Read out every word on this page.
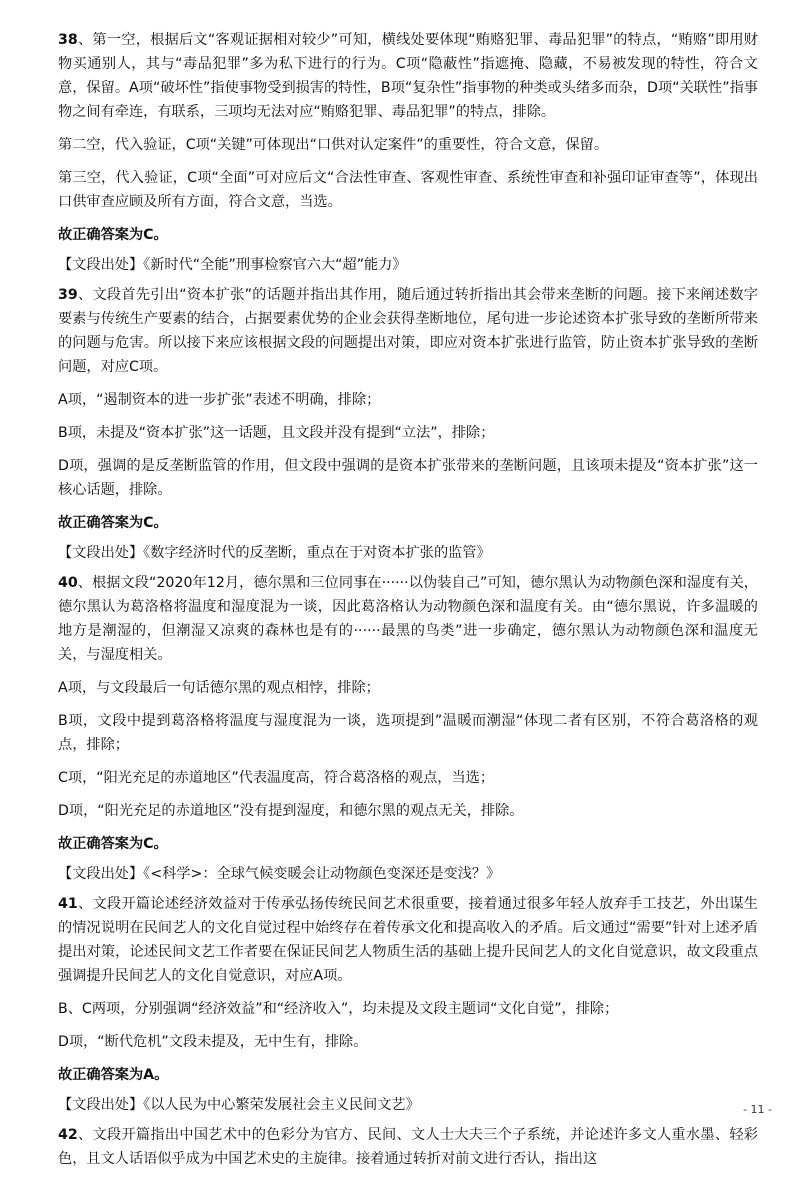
38、第一空，根据后文“客观证据相对较少”可知，横线处要体现“贿赂犯罪、毒品犯罪”的特点，“贿赂”即用财物买通别人，其与“毒品犯罪”多为私下进行的行为。C项“隐蔽性”指遮掩、隐藏，不易被发现的特性，符合文意，保留。A项“破坏性”指使事物受到损害的特性，B项“复杂性”指事物的种类或头绪多而杂，D项“关联性”指事物之间有牵连，有联系，三项均无法对应“贿赂犯罪、毒品犯罪”的特点，排除。

第二空，代入验证，C项“关键”可体现出“口供对认定案件”的重要性，符合文意，保留。

第三空，代入验证，C项“全面”可对应后文“合法性审查、客观性审查、系统性审查和补强印证审查等”，体现出口供审查应顾及所有方面，符合文意，当选。

故正确答案为C。

【文段出处】《新时代“全能”刑事检察官六大“超”能力》

39、文段首先引出“资本扩张”的话题并指出其作用，随后通过转折指出其会带来垄断的问题。接下来阐述数字要素与传统生产要素的结合，占据要素优势的企业会获得垄断地位，尾句进一步论述资本扩张导致的垄断所带来的问题与危害。所以接下来应该根据文段的问题提出对策，即应对资本扩张进行监管，防止资本扩张导致的垄断问题，对应C项。

A项，“遏制资本的进一步扩张”表述不明确，排除；

B项，未提及“资本扩张”这一话题，且文段并没有提到“立法”，排除；

D项，强调的是反垄断监管的作用，但文段中强调的是资本扩张带来的垄断问题，且该项未提及“资本扩张”这一核心话题，排除。

故正确答案为C。

【文段出处】《数字经济时代的反垄断，重点在于对资本扩张的监管》

40、根据文段“2020年12月，德尔黑和三位同事在······以伪装自己”可知，德尔黑认为动物颜色深和湿度有关，德尔黑认为葛洛格将温度和湿度混为一谈，因此葛洛格认为动物颜色深和温度有关。由“德尔黑说，许多温暖的地方是潮湿的，但潮湿又凉爽的森林也是有的······最黑的鸟类”进一步确定，德尔黑认为动物颜色深和温度无关，与湿度相关。

A项，与文段最后一句话德尔黑的观点相悖，排除；

B项，文段中提到葛洛格将温度与湿度混为一谈，选项提到”温暖而潮湿“体现二者有区别，不符合葛洛格的观点，排除；

C项，“阳光充足的赤道地区”代表温度高，符合葛洛格的观点，当选；

D项，“阳光充足的赤道地区”没有提到湿度，和德尔黑的观点无关，排除。

故正确答案为C。

【文段出处】《<科学>：全球气候变暖会让动物颜色变深还是变浅？》

41、文段开篇论述经济效益对于传承弘扬传统民间艺术很重要，接着通过很多年轻人放弃手工技艺，外出谋生的情况说明在民间艺人的文化自觉过程中始终存在着传承文化和提高收入的矛盾。后文通过“需要”针对上述矛盾提出对策，论述民间文艺工作者要在保证民间艺人物质生活的基础上提升民间艺人的文化自觉意识，故文段重点强调提升民间艺人的文化自觉意识，对应A项。

B、C两项，分别强调“经济效益”和“经济收入”，均未提及文段主题词“文化自觉”，排除；

D项，“断代危机”文段未提及，无中生有，排除。

故正确答案为A。

【文段出处】《以人民为中心繁荣发展社会主义民间文艺》

42、文段开篇指出中国艺术中的色彩分为官方、民间、文人士大夫三个子系统，并论述许多文人重水墨、轻彩色，且文人话语似乎成为中国艺术史的主旋律。接着通过转折对前文进行否认，指出这

- 11 -
